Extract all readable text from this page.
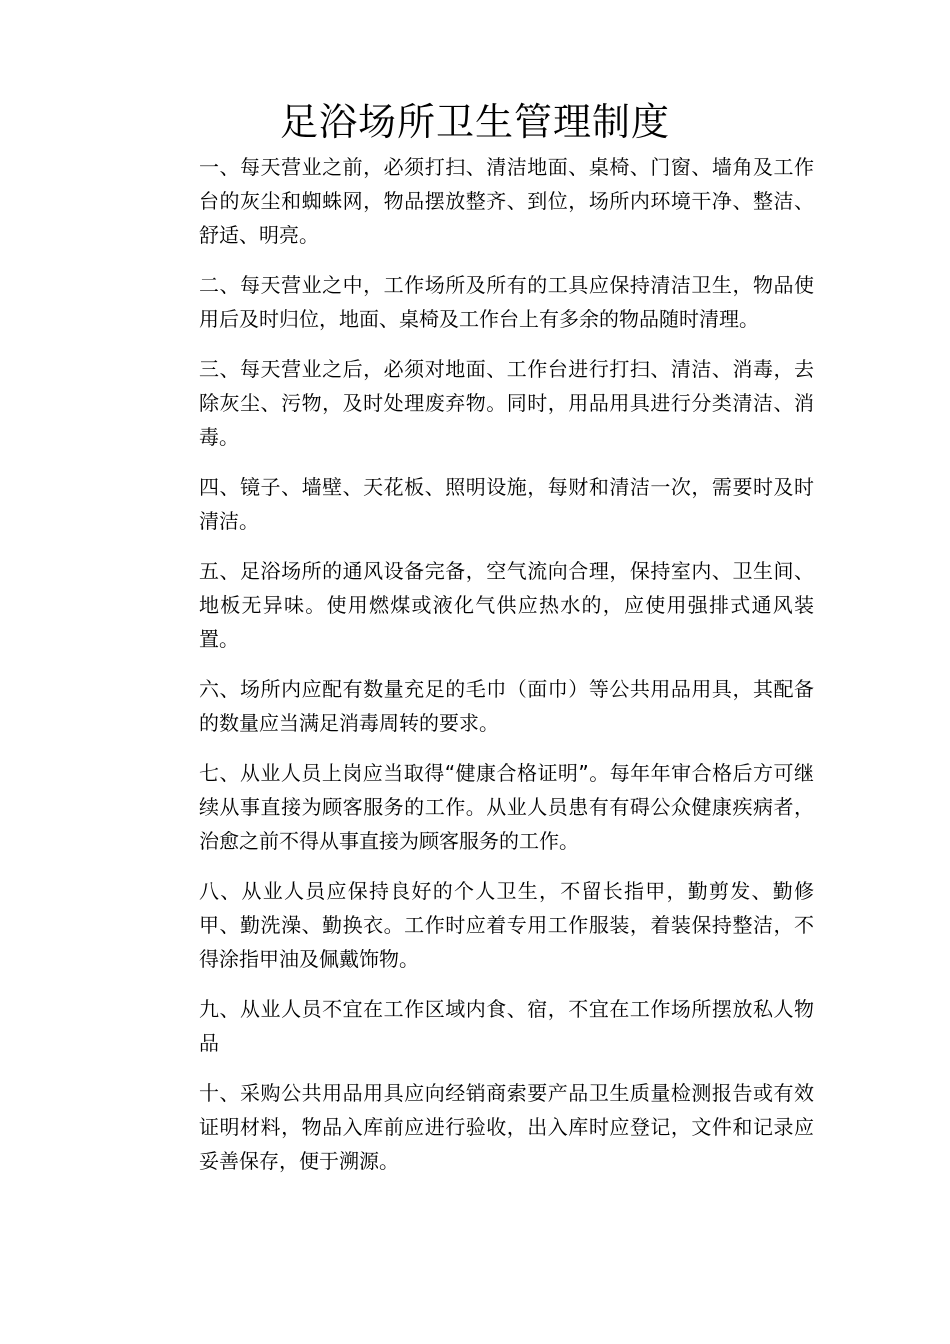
足浴场所卫生管理制度

一、每天营业之前，必须打扫、清洁地面、桌椅、门窗、墙角及工作台的灰尘和蜘蛛网，物品摆放整齐、到位，场所内环境干净、整洁、舒适、明亮。

二、每天营业之中，工作场所及所有的工具应保持清洁卫生，物品使用后及时归位，地面、桌椅及工作台上有多余的物品随时清理。

三、每天营业之后，必须对地面、工作台进行打扫、清洁、消毒，去除灰尘、污物，及时处理废弃物。同时，用品用具进行分类清洁、消毒。

四、镜子、墙壁、天花板、照明设施，每财和清洁一次，需要时及时清洁。

五、足浴场所的通风设备完备，空气流向合理，保持室内、卫生间、地板无异味。使用燃煤或液化气供应热水的，应使用强排式通风装置。

六、场所内应配有数量充足的毛巾（面巾）等公共用品用具，其配备的数量应当满足消毒周转的要求。

七、从业人员上岗应当取得“健康合格证明”。每年年审合格后方可继续从事直接为顾客服务的工作。从业人员患有有碍公众健康疾病者，治愈之前不得从事直接为顾客服务的工作。

八、从业人员应保持良好的个人卫生，不留长指甲，勤剪发、勤修甲、勤洗澡、勤换衣。工作时应着专用工作服装，着装保持整洁，不得涂指甲油及佩戴饰物。

九、从业人员不宜在工作区域内食、宿，不宜在工作场所摆放私人物品

十、采购公共用品用具应向经销商索要产品卫生质量检测报告或有效证明材料，物品入库前应进行验收，出入库时应登记，文件和记录应妥善保存，便于溯源。
